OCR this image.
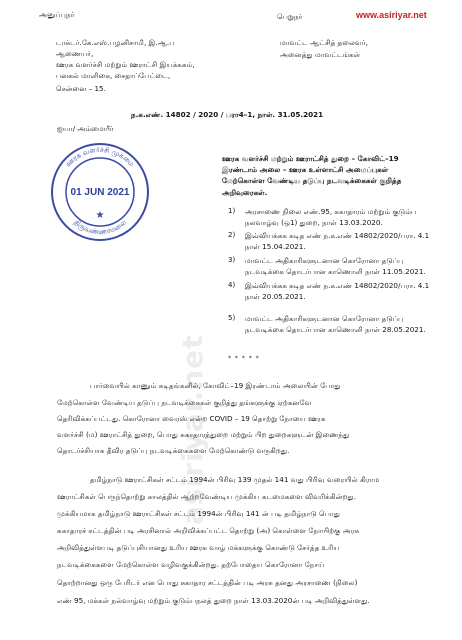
www.asiriyar.net
asiriyar.net
அனுப்புநர்
டாக்டர்.கே.எஸ்.பழனிசாமி, இ.ஆ.ப
ஆணையர்,
ஊரக வளர்ச்சி மற்றும் ஊராட்சி இயக்ககம்,
பனகல் மாளிகை, சைதாப்பேட்டை,
சென்னை – 15.
பெறுநர்
மாவட்ட ஆட்சித் தலைவர்,
அனைத்து மாவட்டங்கள்
ந.க.எண். 14802 / 2020 / பரா4–1, நாள். 31.05.2021
ஐயா/ அம்மையீர்
ஊரக வளர்ச்சி மற்றும் ஊராட்சித் துறை – கோவிட்–19
இரண்டாம் அலை – ஊரக உள்ளாட்சி அமைப்புகள்
மேற்கொள்ள வேண்டிய தடுப்பு நடவடிக்கைகள் குறித்த
அறிவுரைகள்.
ஊரக வளர்ச்சி முகமை
திருவண்ணாமலை
01 JUN 2021
★	1) அரசாணை நிலை எண்.95, சுகாதாரம் மற்றும் குடும்ப
நலவாழ்வு (ஒ1) துறை, நாள் 13.03.2020.
2) இவ்வியக்கக கடித எண் ந.க.எண் 14802/2020/பரா. 4.1
நாள் 15.04.2021.
3) மாவட்ட அதிகாரிகளுடனான கொரோனா தடுப்பு
நடவடிக்கை தொடர்பான காணொளி நாள் 11.05.2021.
4) இவ்வியக்கக கடித எண் ந.க.எண் 14802/2020/பரா. 4.1
நாள் 20.05.2021.
5) மாவட்ட அதிகாரிகளுடனான கொரோனா தடுப்பு
நடவடிக்கை தொடர்பான காணொளி நாள் 28.05.2021.
* * * * *
பார்வையில் காணும் கடிதங்களில், கோவிட்–19 இரண்டாம் அலையின் போது
மேற்கொள்ள வேண்டிய தடுப்பு நடவடிக்கைகள் குறித்து தங்களுக்கு ஏற்கனவே
தெரிவிக்கப்பட்டது. கொரோனா வைரஸ் என்ற COVID – 19 தொற்று நோயை ஊரக
வளர்ச்சி (ம) ஊராட்சித் துறை, பொது சுகாதாரத்துறை மற்றும் பிற துறைகளுடன் இணைந்து
தொடர்ச்சியாக தீவிர தடுப்பு நடவடிக்கைகளை மேற்கொண்டு வருகிறது.
தமிழ்நாடு ஊராட்சிகள் சட்டம் 1994ன் பிரிவு 139 முதல் 141 வது பிரிவு வரையில் கிராம
ஊராட்சிகள் பெருந்தொற்று காலத்தில் ஆற்றவேண்டிய முக்கிய கடமைகளை விவரிக்கின்றது.
முக்கியமாக தமிழ்நாடு ஊராட்சிகள் சட்டம் 1994ன் பிரிவு 141 ன் படி தமிழ்நாடு பொது
சுகாதாரச் சட்டத்தின் படி அரசினால் அறிவிக்கப்பட்ட தொற்று (அ) கொள்ளை நோயிற்கு அரசு
அறிவித்துள்ளபடி தடுப்புசியானது உரிய ஊரக வாழ் மக்களுக்கு கொண்டு சேர்த்த உரிய
நடவடிக்கைகளை மேற்கொள்ள வழிவகுக்கின்றது. தற்போதைய கொரோனா நோய்
தொற்றானது ஒரு பேரிடர் என பொது சுகாதார சட்டத்தின் படி அரசு தனது அரசாணை (நிலை)
எண் 95, மக்கள் நல்வாழ்வு மற்றும் குடும்பநலத் துறை நாள் 13.03.2020ன் படி அறிவித்துள்ளது.
